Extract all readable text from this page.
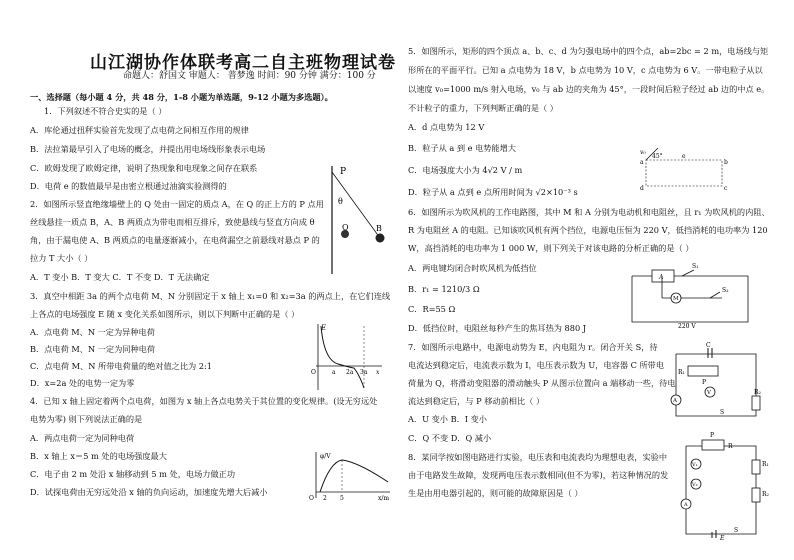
山江湖协作体联考高二自主班物理试卷
命题人：舒国文 审题人： 普梦逸 时间：90 分钟 满分：100 分
一、选择题（每小题 4 分，共 48 分，1-8 小题为单选题，9-12 小题为多选题）。
1．下列叙述不符合史实的是（ ）
A．库伦通过扭秤实验首先发现了点电荷之间相互作用的规律
B．法拉第最早引入了电场的概念，并提出用电场线形象表示电场
C．欧姆发现了欧姆定律，说明了热现象和电现象之间存在联系
D．电荷 e 的数值最早是由密立根通过油滴实验测得的
2．如图所示竖直绝缘墙壁上的 Q 处由一固定的质点 A，在 Q 的正上方的 P 点用
丝线悬挂一质点 B，A、B 两质点为带电而相互排斥，致使悬线与竖直方向成 θ
角，由于漏电使 A、B 两质点的电量逐渐减小，在电荷漏空之前悬线对悬点 P 的
拉力 T 大小（ ）
A．T 变小 B．T 变大 C．T 不变 D．T 无法确定
3．真空中相距 3a 的两个点电荷 M、N 分别固定于 x 轴上 x₁=0 和 x₂=3a 的两点上，在它们连线
上各点的电场强度 E 随 x 变化关系如图所示，则以下判断中正确的是（ ）
A．点电荷 M、N 一定为异种电荷
B．点电荷 M、N 一定为同种电荷
C．点电荷 M、N 所带电荷量的绝对值之比为 2:1
D．x=2a 处的电势一定为零
4．已知 x 轴上固定着两个点电荷，如图为 x 轴上各点电势关于其位置的变化规律。(设无穷远处
电势为零) 则下列说法正确的是
A．两点电荷一定为同种电荷
B．x 轴上 x＝5 m 处的电场强度最大
C．电子由 2 m 处沿 x 轴移动到 5 m 处，电场力做正功
D．试探电荷由无穷远处沿 x 轴的负向运动，加速度先增大后减小
P
θ
Q	B
E
O	a 2a 3a x
φ/V
O 2 5	x/m
5．如图所示，矩形的四个顶点 a、b、c、d 为匀强电场中的四个点，ab=2bc = 2 m，电场线与矩
形所在的平面平行。已知 a 点电势为 18 V，b 点电势为 10 V，c 点电势为 6 V。一带电粒子从以
以速度 v₀=1000 m/s 射入电场，v₀ 与 ab 边的夹角为 45°，一段时间后粒子经过 ab 边的中点 e。
不计粒子的重力，下列判断正确的是（ ）
A．d 点电势为 12 V
B．粒子从 a 到 e 电势能增大
C．电场强度大小为 4√2 V / m
D．粒子从 a 点到 e 点所用时间为 √2×10⁻³ s
6．如图所示为吹风机的工作电路图，其中 M 和 A 分别为电动机和电阻丝，且 r₁ 为吹风机的内阻、
R 为电阻丝 A 的电阻。已知该吹风机有两个挡位，电源电压恒为 220 V，低挡消耗的电功率为 120
W，高挡消耗的电功率为 1 000 W，则下列关于对该电路的分析正确的是（ ）
A．两电键均闭合时吹风机为低挡位
B．r₁ = 1210/3 Ω
C．R=55 Ω
D．低挡位时，电阻丝每秒产生的焦耳热为 880 J
7．如图所示电路中，电源电动势为 E，内电阻为 r。闭合开关 S，待
电流达到稳定后，电流表示数为 I，电压表示数为 U，电容器 C 所带电
荷量为 Q，将滑动变阻器的滑动触头 P 从图示位置向 a 端移动一些，待电
流达到稳定后，与 P 移动前相比（ ）
A．U 变小 B．I 变小
C．Q 不变 D．Q 减小
8．某同学按如图电路进行实验，电压表和电流表均为理想电表，实验中
由于电路发生故障，发现两电压表示数相同(但不为零)，若这种情况的发
生是由用电器引起的，则可能的故障原因是（ ）
v₀
45°
a
e
b
d	c
A
S₁
M
S₂
220 V
C
R₁
P
V
A
R₂
S
P
R
V₁
V₂
A
R₁
R₂
S
E
